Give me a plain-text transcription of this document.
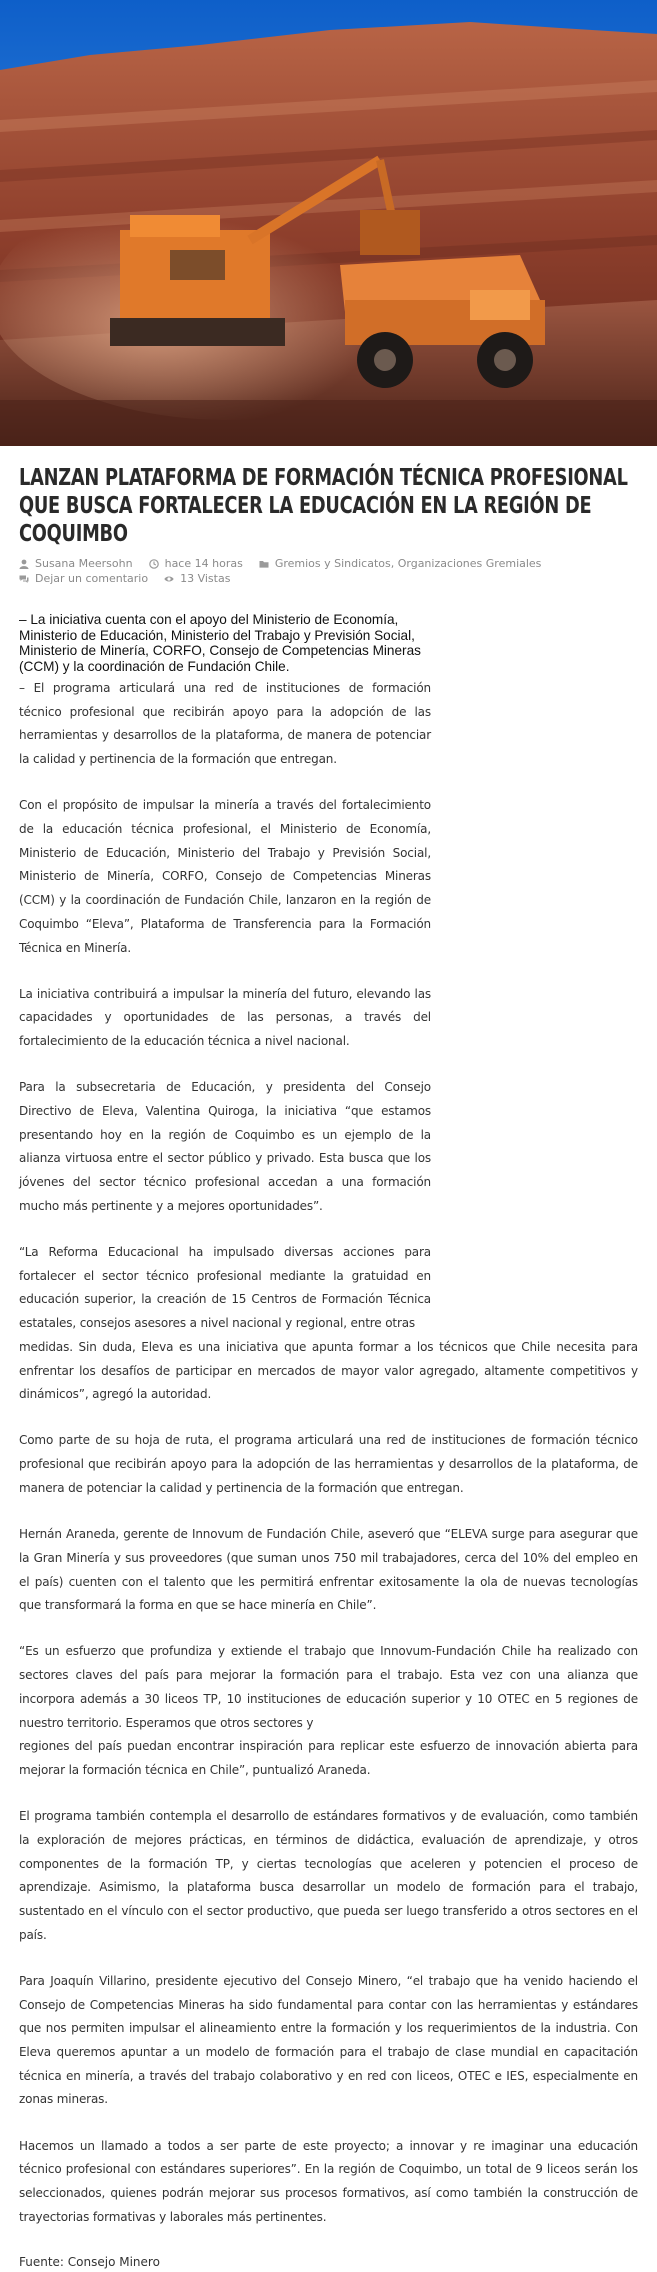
LANZAN PLATAFORMA DE FORMACIÓN TÉCNICA PROFESIONAL QUE BUSCA FORTALECER LA EDUCACIÓN EN LA REGIÓN DE COQUIMBO
Susana Meersohn	hace 14 horas	Gremios y Sindicatos, Organizaciones Gremiales
Dejar un comentario	13 Vistas
– La iniciativa cuenta con el apoyo del Ministerio de Economía, Ministerio de Educación, Ministerio del Trabajo y Previsión Social, Ministerio de Minería, CORFO, Consejo de Competencias Mineras (CCM) y la coordinación de Fundación Chile.

– El programa articulará una red de instituciones de formación técnico profesional que recibirán apoyo para la adopción de las herramientas y desarrollos de la plataforma, de manera de potenciar la calidad y pertinencia de la formación que entregan.

Con el propósito de impulsar la minería a través del fortalecimiento de la educación técnica profesional, el Ministerio de Economía, Ministerio de Educación, Ministerio del Trabajo y Previsión Social, Ministerio de Minería, CORFO, Consejo de Competencias Mineras (CCM) y la coordinación de Fundación Chile, lanzaron en la región de Coquimbo “Eleva”, Plataforma de Transferencia para la Formación Técnica en Minería.

La iniciativa contribuirá a impulsar la minería del futuro, elevando las capacidades y oportunidades de las personas, a través del fortalecimiento de la educación técnica a nivel nacional.

Para la subsecretaria de Educación, y presidenta del Consejo Directivo de Eleva, Valentina Quiroga, la iniciativa “que estamos presentando hoy en la región de Coquimbo es un ejemplo de la alianza virtuosa entre el sector público y privado. Esta busca que los jóvenes del sector técnico profesional accedan a una formación mucho más pertinente y a mejores oportunidades”.

“La Reforma Educacional ha impulsado diversas acciones para fortalecer el sector técnico profesional mediante la gratuidad en educación superior, la creación de 15 Centros de Formación Técnica estatales, consejos asesores a nivel nacional y regional, entre otras

medidas. Sin duda, Eleva es una iniciativa que apunta formar a los técnicos que Chile necesita para enfrentar los desafíos de participar en mercados de mayor valor agregado, altamente competitivos y dinámicos”, agregó la autoridad.

Como parte de su hoja de ruta, el programa articulará una red de instituciones de formación técnico profesional que recibirán apoyo para la adopción de las herramientas y desarrollos de la plataforma, de manera de potenciar la calidad y pertinencia de la formación que entregan.

Hernán Araneda, gerente de Innovum de Fundación Chile, aseveró que “ELEVA surge para asegurar que la Gran Minería y sus proveedores (que suman unos 750 mil trabajadores, cerca del 10% del empleo en el país) cuenten con el talento que les permitirá enfrentar exitosamente la ola de nuevas tecnologías que transformará la forma en que se hace minería en Chile”.

“Es un esfuerzo que profundiza y extiende el trabajo que Innovum-Fundación Chile ha realizado con sectores claves del país para mejorar la formación para el trabajo. Esta vez con una alianza que incorpora además a 30 liceos TP, 10 instituciones de educación superior y 10 OTEC en 5 regiones de nuestro territorio. Esperamos que otros sectores y

regiones del país puedan encontrar inspiración para replicar este esfuerzo de innovación abierta para mejorar la formación técnica en Chile”, puntualizó Araneda.

El programa también contempla el desarrollo de estándares formativos y de evaluación, como también la exploración de mejores prácticas, en términos de didáctica, evaluación de aprendizaje, y otros componentes de la formación TP, y ciertas tecnologías que aceleren y potencien el proceso de aprendizaje. Asimismo, la plataforma busca desarrollar un modelo de formación para el trabajo, sustentado en el vínculo con el sector productivo, que pueda ser luego transferido a otros sectores en el país.

Para Joaquín Villarino, presidente ejecutivo del Consejo Minero, “el trabajo que ha venido haciendo el Consejo de Competencias Mineras ha sido fundamental para contar con las herramientas y estándares que nos permiten impulsar el alineamiento entre la formación y los requerimientos de la industria. Con Eleva queremos apuntar a un modelo de formación para el trabajo de clase mundial en capacitación técnica en minería, a través del trabajo colaborativo y en red con liceos, OTEC e IES, especialmente en zonas mineras.

Hacemos un llamado a todos a ser parte de este proyecto; a innovar y re imaginar una educación técnico profesional con estándares superiores”. En la región de Coquimbo, un total de 9 liceos serán los seleccionados, quienes podrán mejorar sus procesos formativos, así como también la construcción de trayectorias formativas y laborales más pertinentes.

Fuente: Consejo Minero
